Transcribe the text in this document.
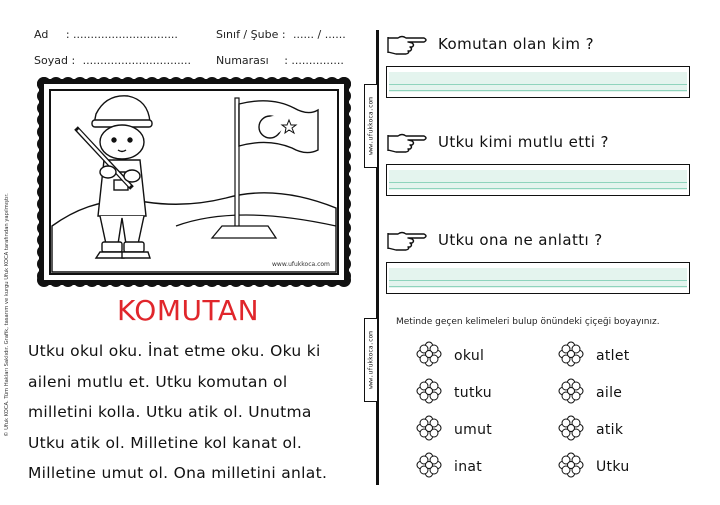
© Ufuk KOCA. Tüm Hakları Saklıdır. Grafik, tasarım ve kurgu Ufuk KOCA tarafından yapılmıştır.
Ad : ..............................
Soyad : ...............................
Sınıf / Şube : ...... / ......
Numarası : ...............
www.ufukkoca.com
www.ufukkoca.com
www.ufukkoca.com
KOMUTAN
Utku okul oku. İnat etme oku. Oku ki
aileni mutlu et. Utku komutan ol
milletini kolla. Utku atik ol. Unutma
Utku atik ol. Milletine kol kanat ol.
Milletine umut ol. Ona milletini anlat.
Komutan olan kim ?
Utku kimi mutlu etti ?
Utku ona ne anlattı ?
Metinde geçen kelimeleri bulup önündeki çiçeği boyayınız.
okul
tutku
umut
inat
atlet
aile
atik
Utku
